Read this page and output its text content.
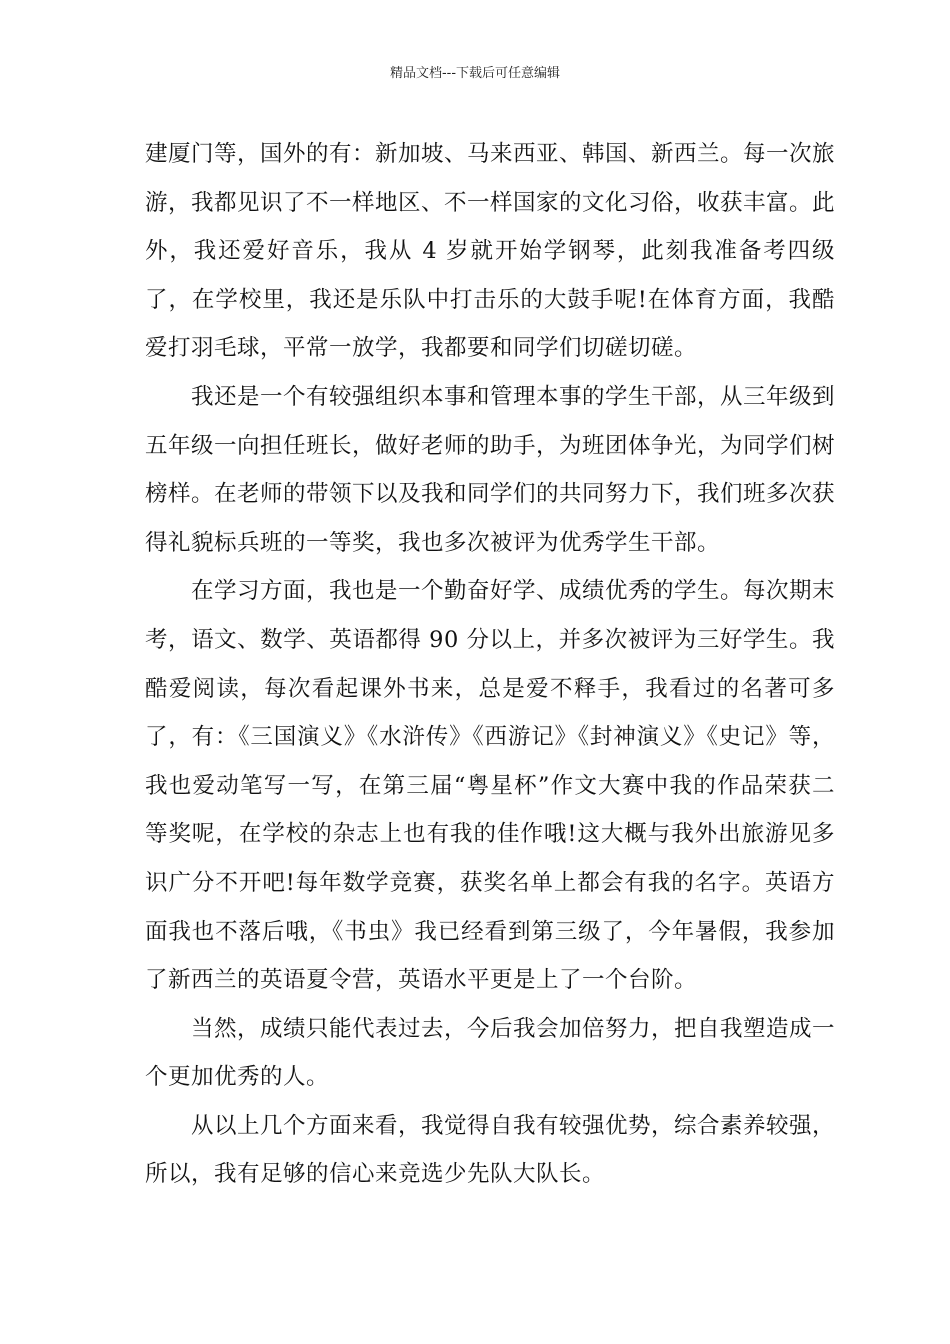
精品文档---下载后可任意编辑

建厦门等，国外的有：新加坡、马来西亚、韩国、新西兰。每一次旅游，我都见识了不一样地区、不一样国家的文化习俗，收获丰富。此外，我还爱好音乐，我从 4 岁就开始学钢琴，此刻我准备考四级了，在学校里，我还是乐队中打击乐的大鼓手呢!在体育方面，我酷爱打羽毛球，平常一放学，我都要和同学们切磋切磋。

我还是一个有较强组织本事和管理本事的学生干部，从三年级到五年级一向担任班长，做好老师的助手，为班团体争光，为同学们树榜样。在老师的带领下以及我和同学们的共同努力下，我们班多次获得礼貌标兵班的一等奖，我也多次被评为优秀学生干部。

在学习方面，我也是一个勤奋好学、成绩优秀的学生。每次期末考，语文、数学、英语都得 90 分以上，并多次被评为三好学生。我酷爱阅读，每次看起课外书来，总是爱不释手，我看过的名著可多了，有：《三国演义》《水浒传》《西游记》《封神演义》《史记》等，我也爱动笔写一写，在第三届“粤星杯”作文大赛中我的作品荣获二等奖呢，在学校的杂志上也有我的佳作哦!这大概与我外出旅游见多识广分不开吧!每年数学竞赛，获奖名单上都会有我的名字。英语方面我也不落后哦，《书虫》我已经看到第三级了，今年暑假，我参加了新西兰的英语夏令营，英语水平更是上了一个台阶。

当然，成绩只能代表过去，今后我会加倍努力，把自我塑造成一个更加优秀的人。

从以上几个方面来看，我觉得自我有较强优势，综合素养较强，所以，我有足够的信心来竞选少先队大队长。
